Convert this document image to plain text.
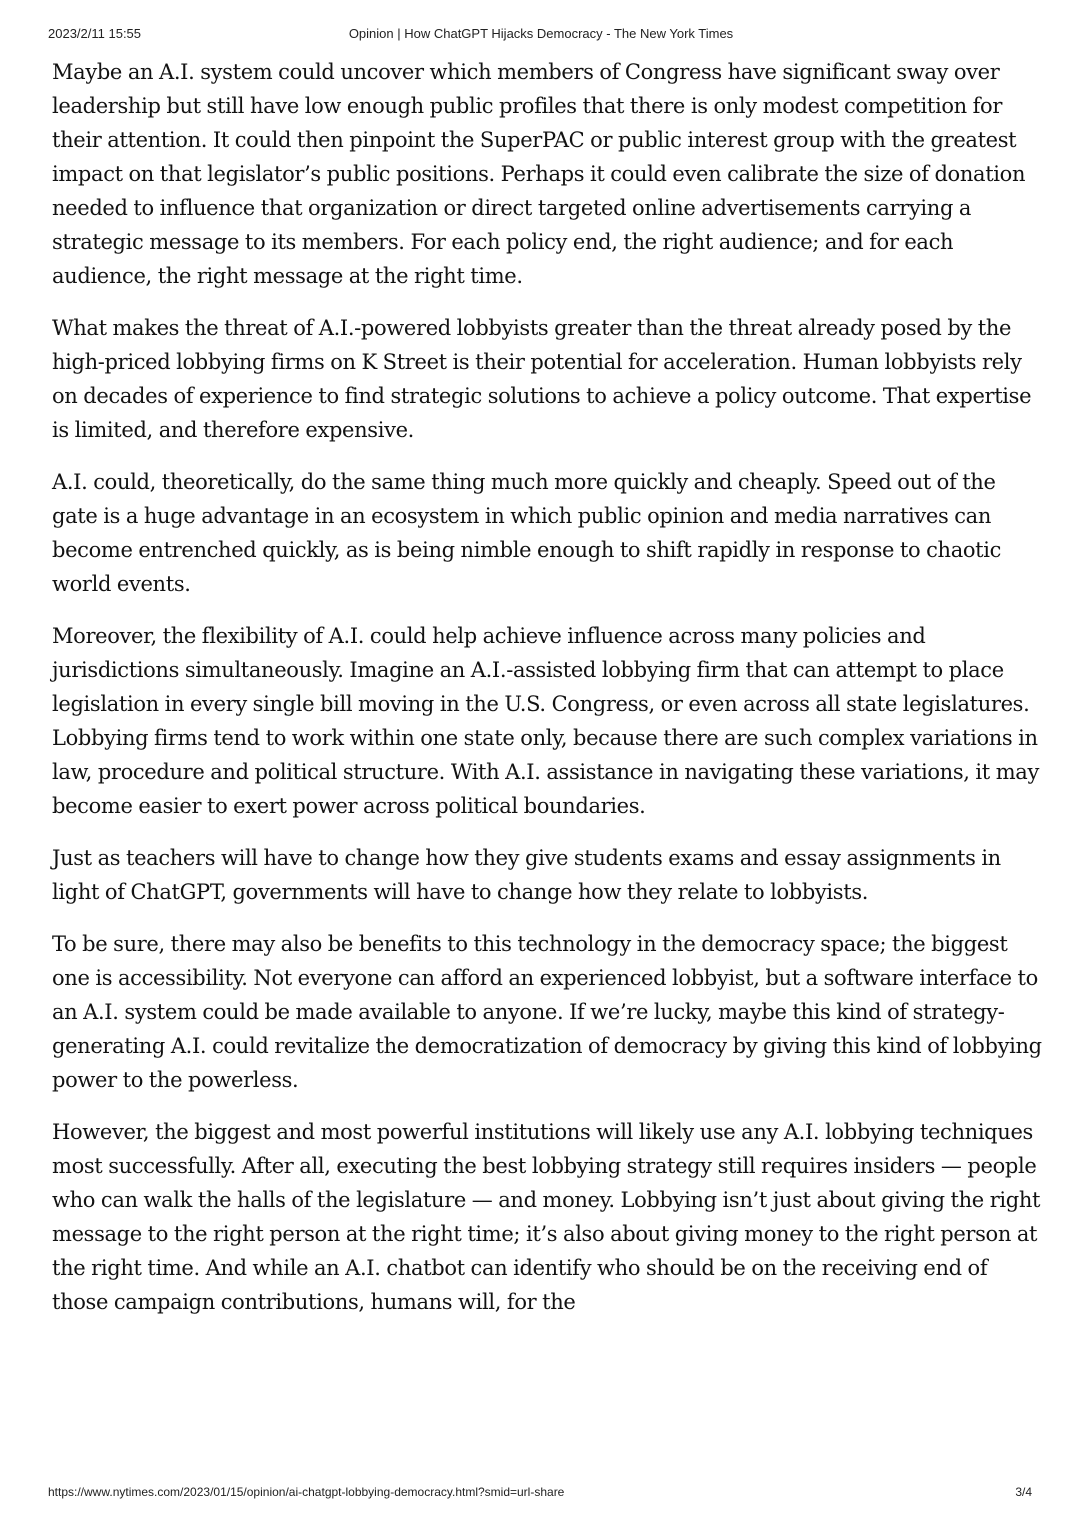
Opinion | How ChatGPT Hijacks Democracy - The New York Times
2023/2/11 15:55

Maybe an A.I. system could uncover which members of Congress have significant sway over leadership but still have low enough public profiles that there is only modest competition for their attention. It could then pinpoint the SuperPAC or public interest group with the greatest impact on that legislator’s public positions. Perhaps it could even calibrate the size of donation needed to influence that organization or direct targeted online advertisements carrying a strategic message to its members. For each policy end, the right audience; and for each audience, the right message at the right time.

What makes the threat of A.I.-powered lobbyists greater than the threat already posed by the high-priced lobbying firms on K Street is their potential for acceleration. Human lobbyists rely on decades of experience to find strategic solutions to achieve a policy outcome. That expertise is limited, and therefore expensive.

A.I. could, theoretically, do the same thing much more quickly and cheaply. Speed out of the gate is a huge advantage in an ecosystem in which public opinion and media narratives can become entrenched quickly, as is being nimble enough to shift rapidly in response to chaotic world events.

Moreover, the flexibility of A.I. could help achieve influence across many policies and jurisdictions simultaneously. Imagine an A.I.-assisted lobbying firm that can attempt to place legislation in every single bill moving in the U.S. Congress, or even across all state legislatures. Lobbying firms tend to work within one state only, because there are such complex variations in law, procedure and political structure. With A.I. assistance in navigating these variations, it may become easier to exert power across political boundaries.

Just as teachers will have to change how they give students exams and essay assignments in light of ChatGPT, governments will have to change how they relate to lobbyists.

To be sure, there may also be benefits to this technology in the democracy space; the biggest one is accessibility. Not everyone can afford an experienced lobbyist, but a software interface to an A.I. system could be made available to anyone. If we’re lucky, maybe this kind of strategy-generating A.I. could revitalize the democratization of democracy by giving this kind of lobbying power to the powerless.

However, the biggest and most powerful institutions will likely use any A.I. lobbying techniques most successfully. After all, executing the best lobbying strategy still requires insiders — people who can walk the halls of the legislature — and money. Lobbying isn’t just about giving the right message to the right person at the right time; it’s also about giving money to the right person at the right time. And while an A.I. chatbot can identify who should be on the receiving end of those campaign contributions, humans will, for the

https://www.nytimes.com/2023/01/15/opinion/ai-chatgpt-lobbying-democracy.html?smid=url-share	3/4
